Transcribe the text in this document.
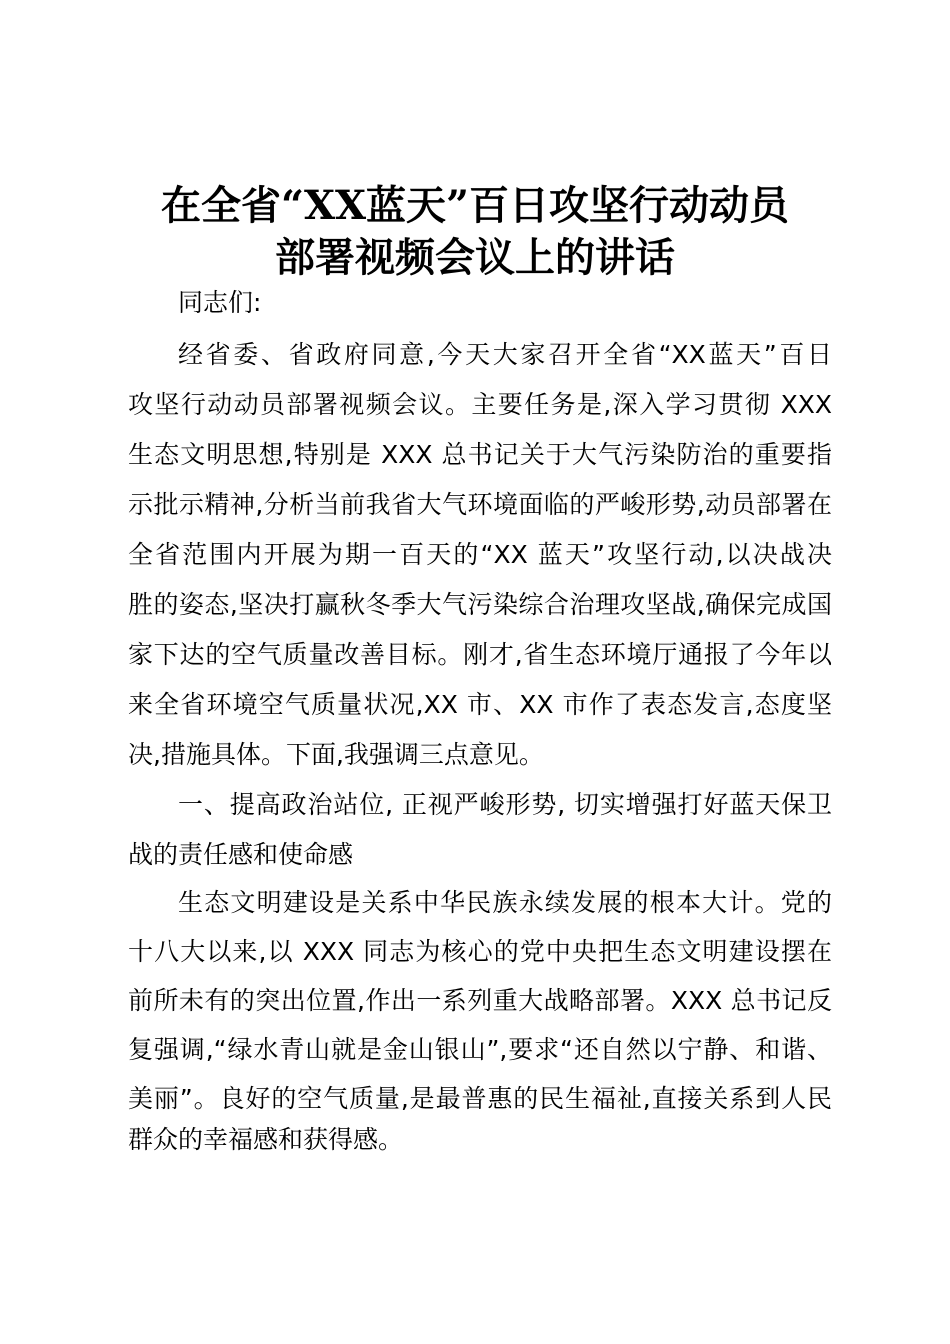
在全省“XX蓝天”百日攻坚行动动员
部署视频会议上的讲话
同志们:
经省委、省政府同意,今天大家召开全省“XX蓝天”百日
攻坚行动动员部署视频会议。主要任务是,深入学习贯彻 XXX
生态文明思想,特别是 XXX 总书记关于大气污染防治的重要指
示批示精神,分析当前我省大气环境面临的严峻形势,动员部署在
全省范围内开展为期一百天的“XX 蓝天”攻坚行动,以决战决
胜的姿态,坚决打赢秋冬季大气污染综合治理攻坚战,确保完成国
家下达的空气质量改善目标。刚才,省生态环境厅通报了今年以
来全省环境空气质量状况,XX 市、XX 市作了表态发言,态度坚
决,措施具体。下面,我强调三点意见。
一、提高政治站位, 正视严峻形势, 切实增强打好蓝天保卫
战的责任感和使命感
生态文明建设是关系中华民族永续发展的根本大计。党的
十八大以来,以 XXX 同志为核心的党中央把生态文明建设摆在
前所未有的突出位置,作出一系列重大战略部署。XXX 总书记反
复强调,“绿水青山就是金山银山”,要求“还自然以宁静、和谐、
美丽”。良好的空气质量,是最普惠的民生福祉,直接关系到人民
群众的幸福感和获得感。
